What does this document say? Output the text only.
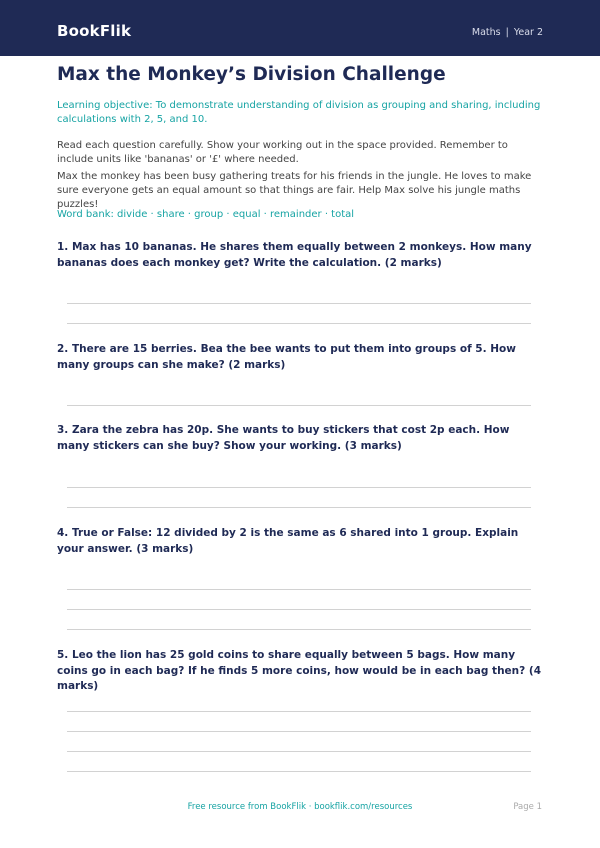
BookFlik	Maths | Year 2
Max the Monkey’s Division Challenge

Learning objective: To demonstrate understanding of division as grouping and sharing, including calculations with 2, 5, and 10.

Read each question carefully. Show your working out in the space provided. Remember to include units like 'bananas' or '£' where needed.

Max the monkey has been busy gathering treats for his friends in the jungle. He loves to make sure everyone gets an equal amount so that things are fair. Help Max solve his jungle maths puzzles!

Word bank: divide · share · group · equal · remainder · total

1. Max has 10 bananas. He shares them equally between 2 monkeys. How many bananas does each monkey get? Write the calculation. (2 marks)

2. There are 15 berries. Bea the bee wants to put them into groups of 5. How many groups can she make? (2 marks)

3. Zara the zebra has 20p. She wants to buy stickers that cost 2p each. How many stickers can she buy? Show your working. (3 marks)

4. True or False: 12 divided by 2 is the same as 6 shared into 1 group. Explain your answer. (3 marks)

5. Leo the lion has 25 gold coins to share equally between 5 bags. How many coins go in each bag? If he finds 5 more coins, how would be in each bag then? (4 marks)

Free resource from BookFlik · bookflik.com/resources	Page 1
